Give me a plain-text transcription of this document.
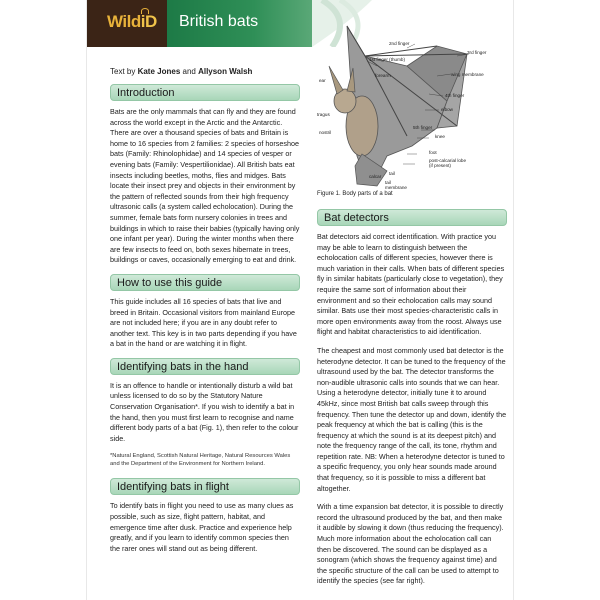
WildiD British bats
Text by Kate Jones and Allyson Walsh
Introduction

Bats are the only mammals that can fly and they are found across the world except in the Arctic and the Antarctic. There are over a thousand species of bats and Britain is home to 16 species from 2 families: 2 species of horseshoe bats (Family: Rhinolophidae) and 14 species of vesper or evening bats (Family: Vespertilionidae). All British bats eat insects including beetles, moths, flies and midges. Bats locate their insect prey and objects in their environment by the pattern of reflected sounds from their high frequency ultrasonic calls (a system called echolocation). During the summer, female bats form nursery colonies in trees and buildings in which to raise their babies (typically having only one infant per year). During the winter months when there are few insects to feed on, both sexes hibernate in trees, buildings or caves, occasionally emerging to eat and drink.

How to use this guide

This guide includes all 16 species of bats that live and breed in Britain. Occasional visitors from mainland Europe are not included here; if you are in any doubt refer to another text. This key is in two parts depending if you have a bat in the hand or are watching it in flight.

Identifying bats in the hand

It is an offence to handle or intentionally disturb a wild bat unless licensed to do so by the Statutory Nature Conservation Organisation*. If you wish to identify a bat in the hand, then you must first learn to recognise and name different body parts of a bat (Fig. 1), then refer to the colour side.

*Natural England, Scottish Natural Heritage, Natural Resources Wales and the Department of the Environment for Northern Ireland.

Identifying bats in flight

To identify bats in flight you need to use as many clues as possible, such as size, flight pattern, habitat, and emergence time after dusk. Practice and experience help greatly, and if you learn to identify common species then the rarer ones will stand out as being different.

2nd finger
3rd finger
1st finger (thumb)
ear
forearm	wing membrane
4th finger
tragus
elbow
5th finger
knee
nostril
foot
post-calcarial lobe
(if present)
tail
calcar
tail
membrane

Figure 1. Body parts of a bat

Bat detectors

Bat detectors aid correct identification. With practice you may be able to learn to distinguish between the echolocation calls of different species, however there is much variation in their calls. When bats of different species fly in similar habitats (particularly close to vegetation), they require the same sort of information about their environment and so their echolocation calls may sound similar. Bats use their most species-characteristic calls in more open environments away from the roost. Always use flight and habitat characteristics to aid identification.

The cheapest and most commonly used bat detector is the heterodyne detector. It can be tuned to the frequency of the ultrasound used by the bat. The detector transforms the non-audible ultrasonic calls into sounds that we can hear. Using a heterodyne detector, initially tune it to around 45kHz, since most British bat calls sweep through this frequency. Then tune the detector up and down, identify the peak frequency at which the bat is calling (this is the frequency at which the sound is at its deepest pitch) and note the frequency range of the call, its tone, rhythm and repetition rate. NB: When a heterodyne detector is tuned to a specific frequency, you only hear sounds made around that frequency, so it is possible to miss a different bat altogether.

With a time expansion bat detector, it is possible to directly record the ultrasound produced by the bat, and then make it audible by slowing it down (thus reducing the frequency). Much more information about the echolocation call can then be discovered. The sound can be displayed as a sonogram (which shows the frequency against time) and the specific structure of the call can be used to attempt to identify the species (see far right).
